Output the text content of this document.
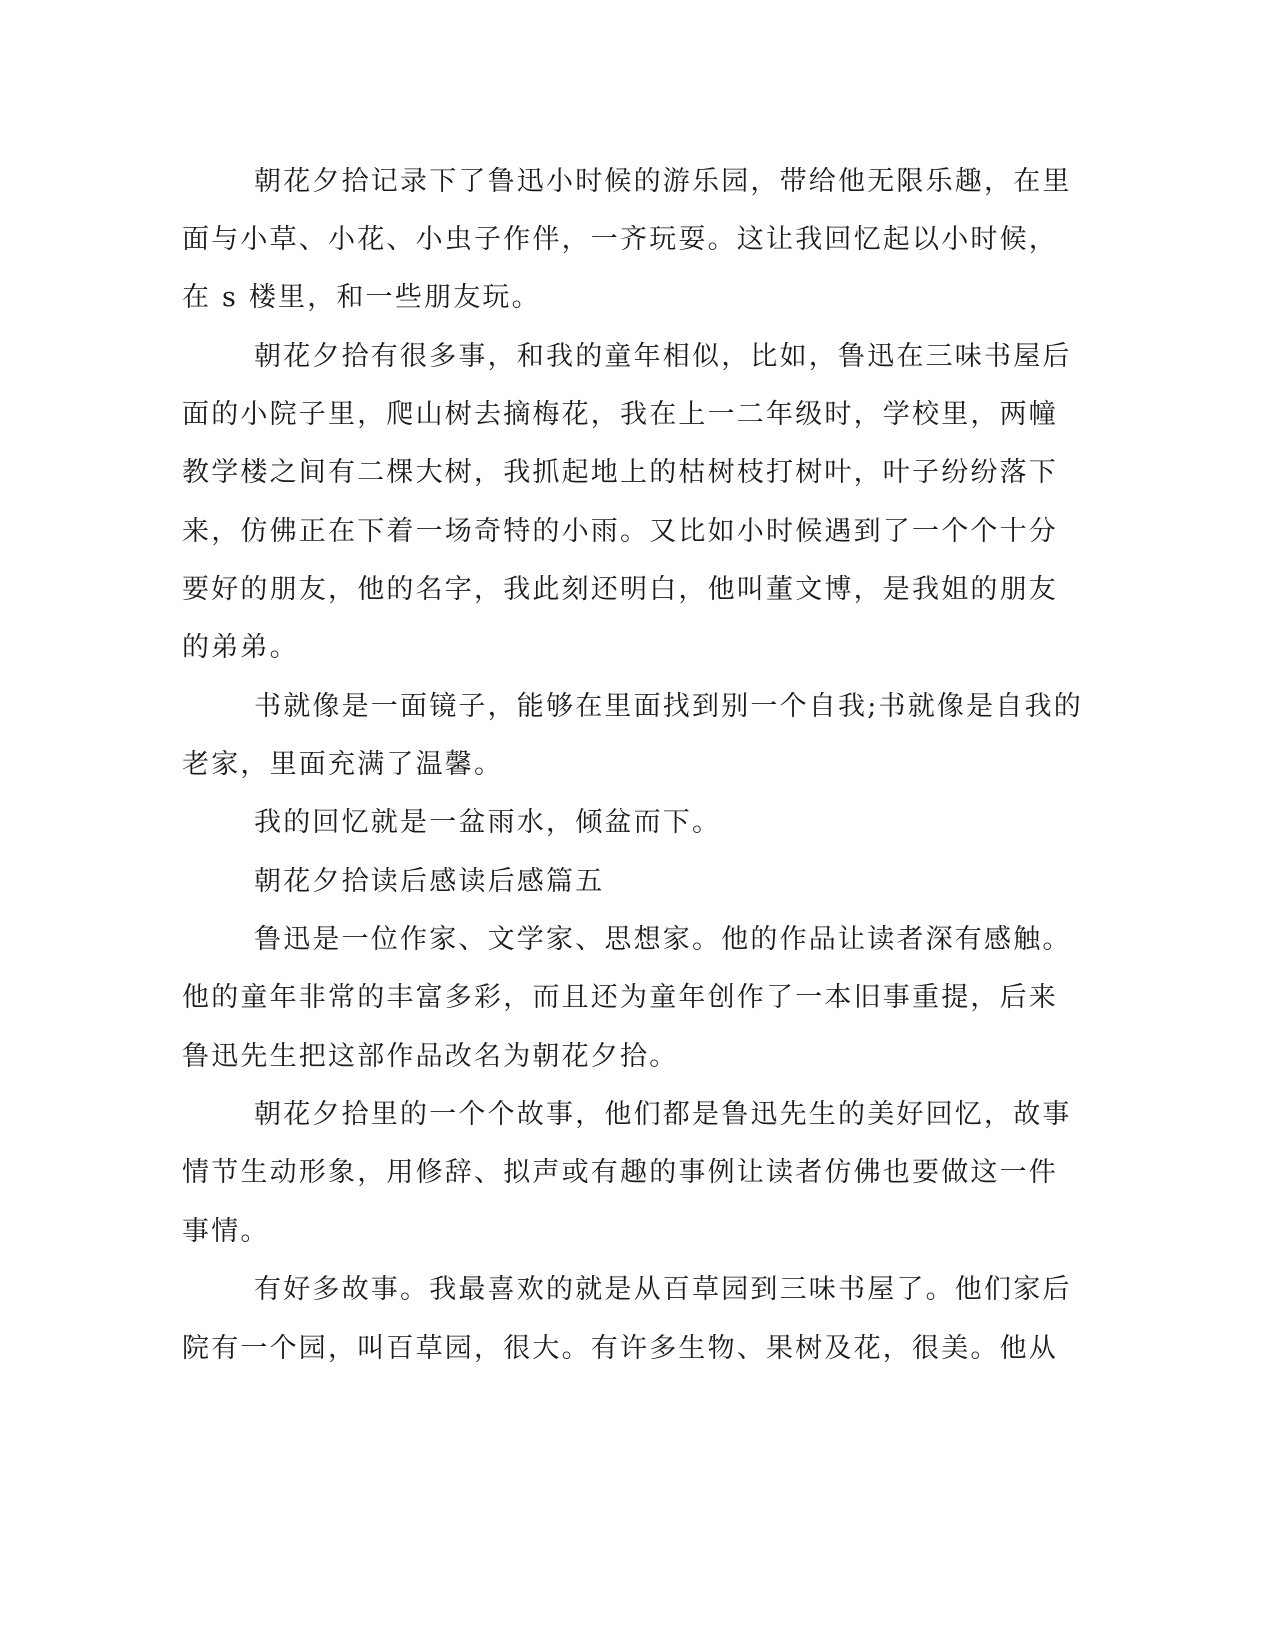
朝花夕拾记录下了鲁迅小时候的游乐园，带给他无限乐趣，在里
面与小草、小花、小虫子作伴，一齐玩耍。这让我回忆起以小时候，
在 s 楼里，和一些朋友玩。
朝花夕拾有很多事，和我的童年相似，比如，鲁迅在三味书屋后
面的小院子里，爬山树去摘梅花，我在上一二年级时，学校里，两幢
教学楼之间有二棵大树，我抓起地上的枯树枝打树叶，叶子纷纷落下
来，仿佛正在下着一场奇特的小雨。又比如小时候遇到了一个个十分
要好的朋友，他的名字，我此刻还明白，他叫董文博，是我姐的朋友
的弟弟。
书就像是一面镜子，能够在里面找到别一个自我;书就像是自我的
老家，里面充满了温馨。
我的回忆就是一盆雨水，倾盆而下。
朝花夕拾读后感读后感篇五
鲁迅是一位作家、文学家、思想家。他的作品让读者深有感触。
他的童年非常的丰富多彩，而且还为童年创作了一本旧事重提，后来
鲁迅先生把这部作品改名为朝花夕拾。
朝花夕拾里的一个个故事，他们都是鲁迅先生的美好回忆，故事
情节生动形象，用修辞、拟声或有趣的事例让读者仿佛也要做这一件
事情。
有好多故事。我最喜欢的就是从百草园到三味书屋了。他们家后
院有一个园，叫百草园，很大。有许多生物、果树及花，很美。他从
